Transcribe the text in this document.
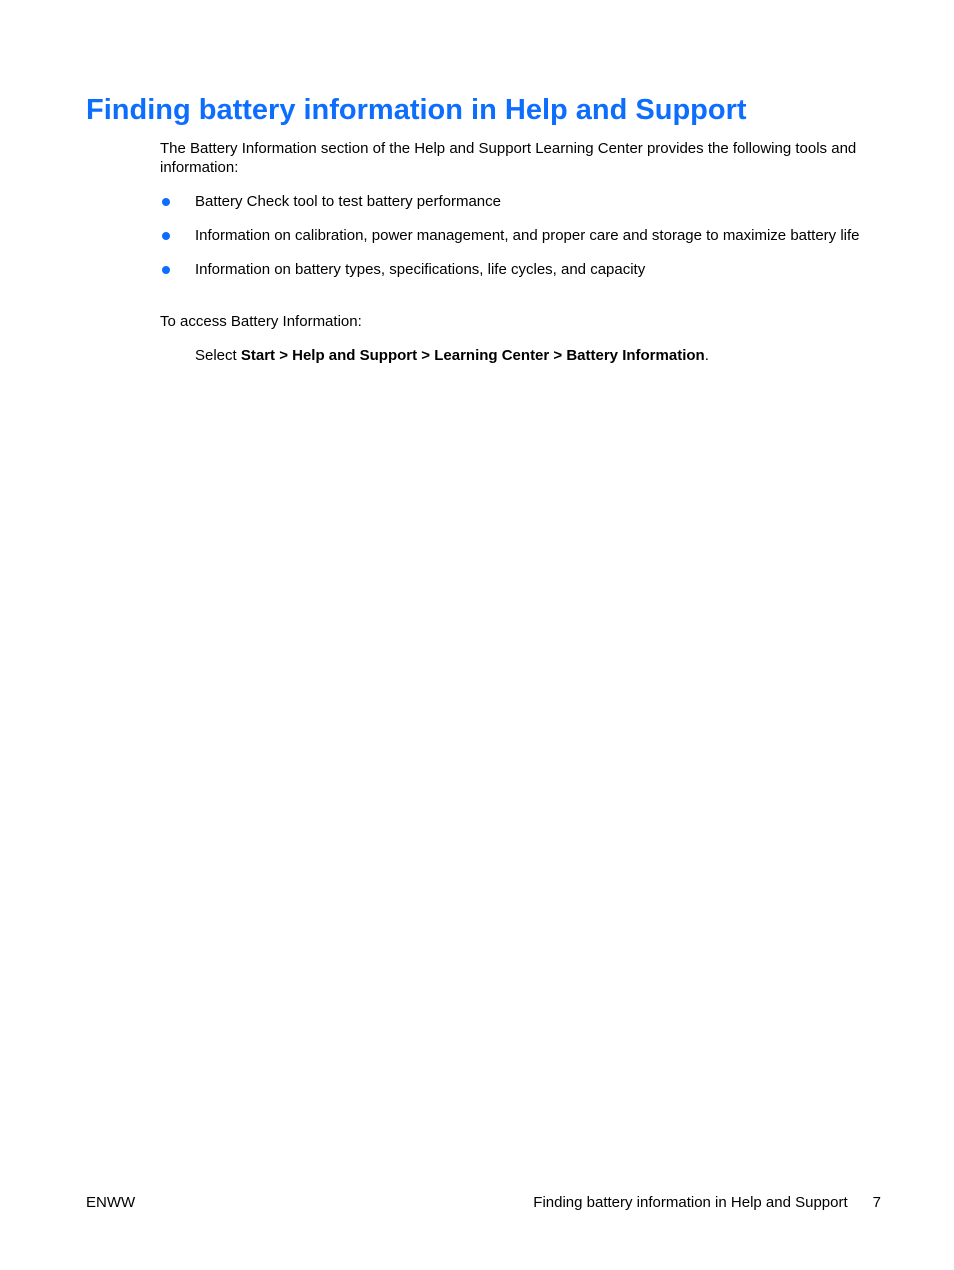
Finding battery information in Help and Support

The Battery Information section of the Help and Support Learning Center provides the following tools and information:

Battery Check tool to test battery performance
Information on calibration, power management, and proper care and storage to maximize battery life
Information on battery types, specifications, life cycles, and capacity

To access Battery Information:

Select Start > Help and Support > Learning Center > Battery Information.

ENWW	Finding battery information in Help and Support 7
